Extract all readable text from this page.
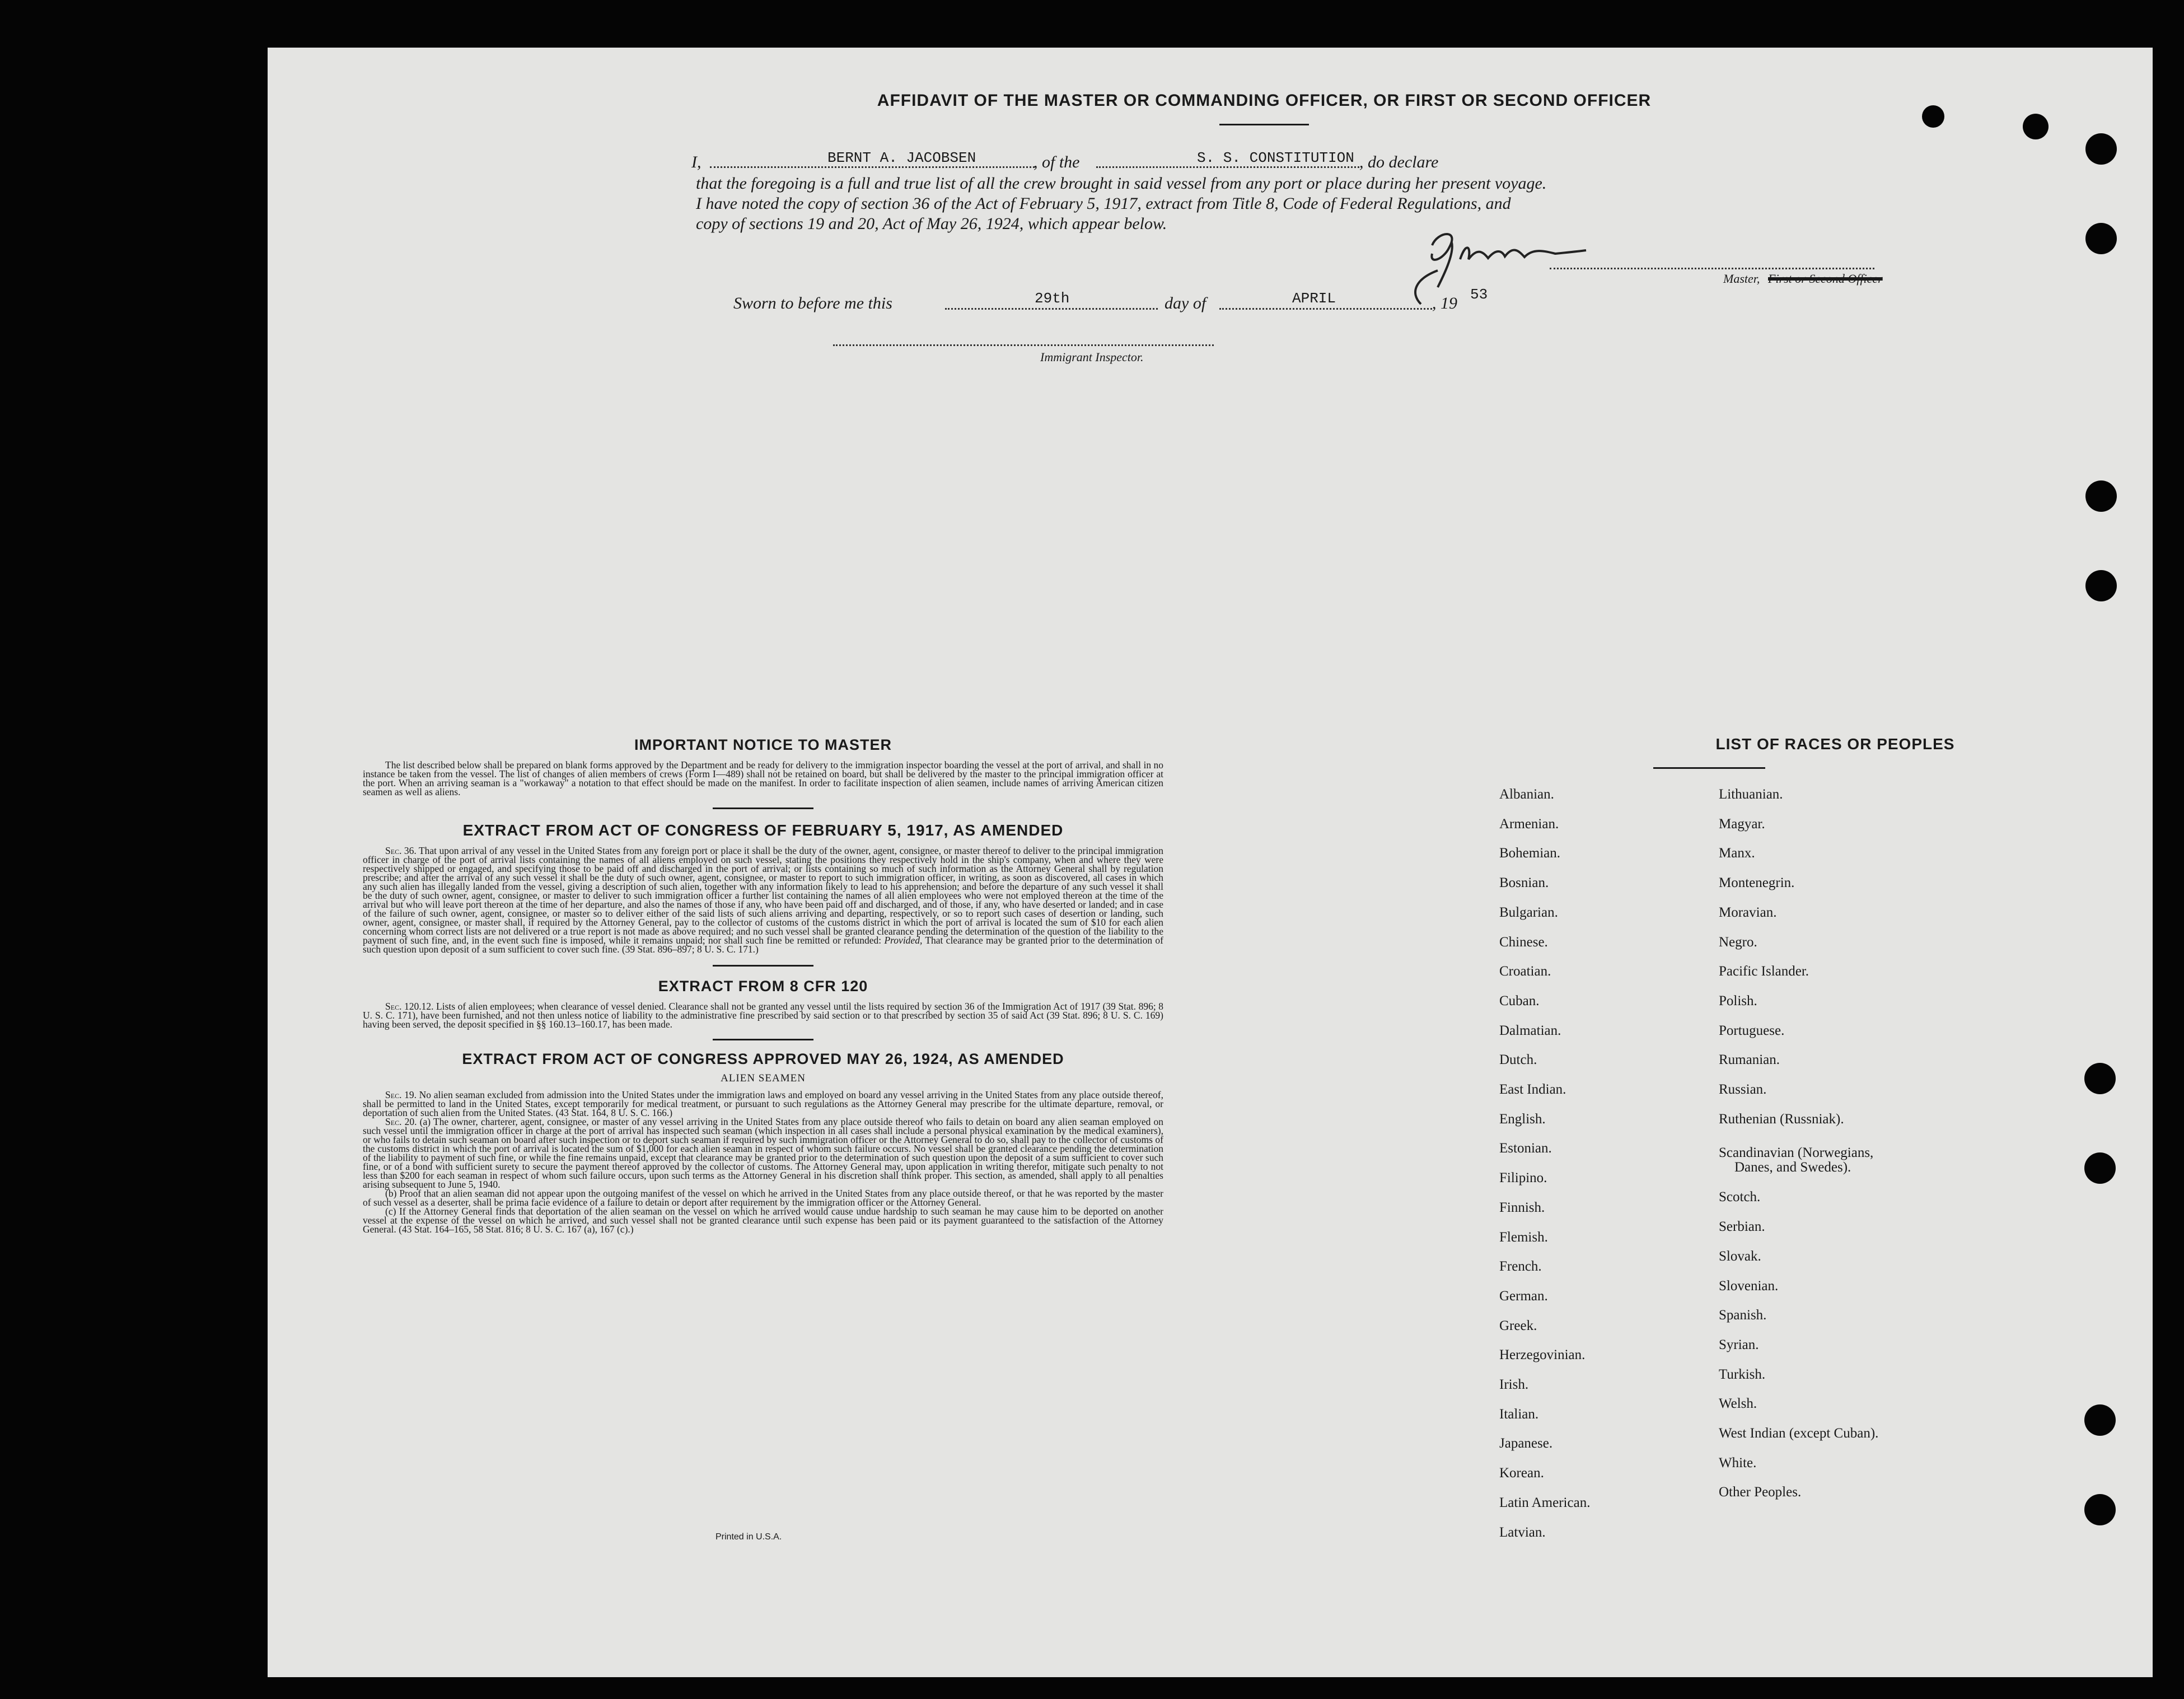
AFFIDAVIT OF THE MASTER OR COMMANDING OFFICER, OR FIRST OR SECOND OFFICER
I,	BERNT A. JACOBSEN	, of the	S. S. CONSTITUTION , do declare
that the foregoing is a full and true list of all the crew brought in said vessel from any port or place during her present voyage.
I have noted the copy of section 36 of the Act of February 5, 1917, extract from Title 8, Code of Federal Regulations, and
copy of sections 19 and 20, Act of May 26, 1924, which appear below.
Master, First or Second Officer
Sworn to before me this	29th	day of	APRIL	, 19 53
Immigrant Inspector.
IMPORTANT NOTICE TO MASTER

The list described below shall be prepared on blank forms approved by the Department and be ready for delivery to the immigration inspector boarding the vessel at the port of arrival, and shall in no instance be taken from the vessel. The list of changes of alien members of crews (Form I—489) shall not be retained on board, but shall be delivered by the master to the principal immigration officer at the port. When an arriving seaman is a "workaway" a notation to that effect should be made on the manifest. In order to facilitate inspection of alien seamen, include names of arriving American citizen seamen as well as aliens.

EXTRACT FROM ACT OF CONGRESS OF FEBRUARY 5, 1917, AS AMENDED

Sec. 36. That upon arrival of any vessel in the United States from any foreign port or place it shall be the duty of the owner, agent, consignee, or master thereof to deliver to the principal immigration officer in charge of the port of arrival lists containing the names of all aliens employed on such vessel, stating the positions they respectively hold in the ship's company, when and where they were respectively shipped or engaged, and specifying those to be paid off and discharged in the port of arrival; or lists containing so much of such information as the Attorney General shall by regulation prescribe; and after the arrival of any such vessel it shall be the duty of such owner, agent, consignee, or master to report to such immigration officer, in writing, as soon as discovered, all cases in which any such alien has illegally landed from the vessel, giving a description of such alien, together with any information likely to lead to his apprehension; and before the departure of any such vessel it shall be the duty of such owner, agent, consignee, or master to deliver to such immigration officer a further list containing the names of all alien employees who were not employed thereon at the time of the arrival but who will leave port thereon at the time of her departure, and also the names of those if any, who have been paid off and discharged, and of those, if any, who have deserted or landed; and in case of the failure of such owner, agent, consignee, or master so to deliver either of the said lists of such aliens arriving and departing, respectively, or so to report such cases of desertion or landing, such owner, agent, consignee, or master shall, if required by the Attorney General, pay to the collector of customs of the customs district in which the port of arrival is located the sum of $10 for each alien concerning whom correct lists are not delivered or a true report is not made as above required; and no such vessel shall be granted clearance pending the determination of the question of the liability to the payment of such fine, and, in the event such fine is imposed, while it remains unpaid; nor shall such fine be remitted or refunded: Provided, That clearance may be granted prior to the determination of such question upon deposit of a sum sufficient to cover such fine. (39 Stat. 896–897; 8 U. S. C. 171.)

EXTRACT FROM 8 CFR 120

Sec. 120.12. Lists of alien employees; when clearance of vessel denied. Clearance shall not be granted any vessel until the lists required by section 36 of the Immigration Act of 1917 (39 Stat. 896; 8 U. S. C. 171), have been furnished, and not then unless notice of liability to the administrative fine prescribed by said section or to that prescribed by section 35 of said Act (39 Stat. 896; 8 U. S. C. 169) having been served, the deposit specified in §§ 160.13–160.17, has been made.

EXTRACT FROM ACT OF CONGRESS APPROVED MAY 26, 1924, AS AMENDED
ALIEN SEAMEN

Sec. 19. No alien seaman excluded from admission into the United States under the immigration laws and employed on board any vessel arriving in the United States from any place outside thereof, shall be permitted to land in the United States, except temporarily for medical treatment, or pursuant to such regulations as the Attorney General may prescribe for the ultimate departure, removal, or deportation of such alien from the United States. (43 Stat. 164, 8 U. S. C. 166.)

Sec. 20. (a) The owner, charterer, agent, consignee, or master of any vessel arriving in the United States from any place outside thereof who fails to detain on board any alien seaman employed on such vessel until the immigration officer in charge at the port of arrival has inspected such seaman (which inspection in all cases shall include a personal physical examination by the medical examiners), or who fails to detain such seaman on board after such inspection or to deport such seaman if required by such immigration officer or the Attorney General to do so, shall pay to the collector of customs of the customs district in which the port of arrival is located the sum of $1,000 for each alien seaman in respect of whom such failure occurs. No vessel shall be granted clearance pending the determination of the liability to payment of such fine, or while the fine remains unpaid, except that clearance may be granted prior to the determination of such question upon the deposit of a sum sufficient to cover such fine, or of a bond with sufficient surety to secure the payment thereof approved by the collector of customs. The Attorney General may, upon application in writing therefor, mitigate such penalty to not less than $200 for each seaman in respect of whom such failure occurs, upon such terms as the Attorney General in his discretion shall think proper. This section, as amended, shall apply to all penalties arising subsequent to June 5, 1940.

(b) Proof that an alien seaman did not appear upon the outgoing manifest of the vessel on which he arrived in the United States from any place outside thereof, or that he was reported by the master of such vessel as a deserter, shall be prima facie evidence of a failure to detain or deport after requirement by the immigration officer or the Attorney General.

(c) If the Attorney General finds that deportation of the alien seaman on the vessel on which he arrived would cause undue hardship to such seaman he may cause him to be deported on another vessel at the expense of the vessel on which he arrived, and such vessel shall not be granted clearance until such expense has been paid or its payment guaranteed to the satisfaction of the Attorney General. (43 Stat. 164–165, 58 Stat. 816; 8 U. S. C. 167 (a), 167 (c).)

Printed in U.S.A.
LIST OF RACES OR PEOPLES
Albanian.
Armenian.
Bohemian.
Bosnian.
Bulgarian.
Chinese.
Croatian.
Cuban.
Dalmatian.
Dutch.
East Indian.
English.
Estonian.
Filipino.
Finnish.
Flemish.
French.
German.
Greek.
Herzegovinian.
Irish.
Italian.
Japanese.
Korean.
Latin American.
Latvian.
Lithuanian.
Magyar.
Manx.
Montenegrin.
Moravian.
Negro.
Pacific Islander.
Polish.
Portuguese.
Rumanian.
Russian.
Ruthenian (Russniak).
Scandinavian (Norwegians,
Danes, and Swedes).
Scotch.
Serbian.
Slovak.
Slovenian.
Spanish.
Syrian.
Turkish.
Welsh.
West Indian (except Cuban).
White.
Other Peoples.
